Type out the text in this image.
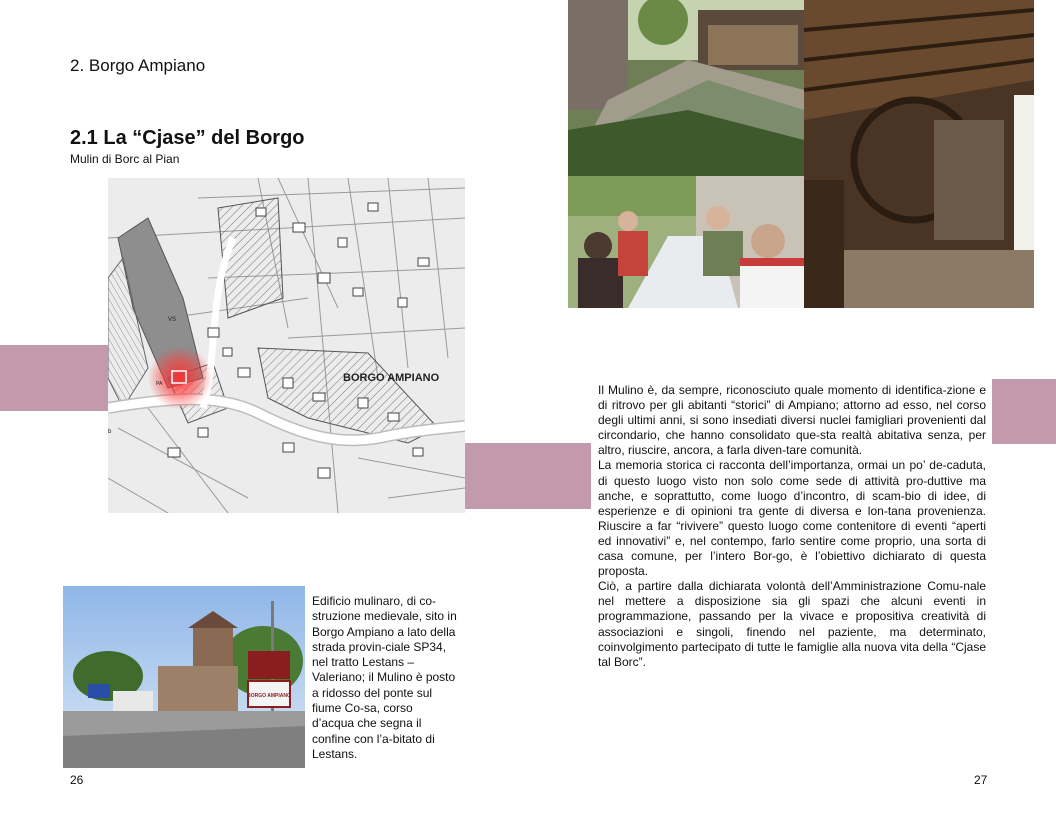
2. Borgo Ampiano
2.1 La “Cjase” del Borgo
Mulin di Borc al Pian
BORGO AMPIANO
VS
PA
b
BORGO AMPIANO
Edificio mulinaro, di co-struzione medievale, sito in Borgo Ampiano a lato della strada provin-ciale SP34, nel tratto Lestans – Valeriano; il Mulino è posto a ridosso del ponte sul fiume Co-sa, corso d’acqua che segna il confine con l’a-bitato di Lestans.

Il Mulino è, da sempre, riconosciuto quale momento di identifica-zione e di ritrovo per gli abitanti “storici” di Ampiano; attorno ad esso, nel corso degli ultimi anni, si sono insediati diversi nuclei famigliari provenienti dal circondario, che hanno consolidato que-sta realtà abitativa senza, per altro, riuscire, ancora, a farla diven-tare comunità.

La memoria storica ci racconta dell’importanza, ormai un po’ de-caduta, di questo luogo visto non solo come sede di attività pro-duttive ma anche, e soprattutto, come luogo d’incontro, di scam-bio di idee, di esperienze e di opinioni tra gente di diversa e lon-tana provenienza. Riuscire a far “rivivere” questo luogo come contenitore di eventi “aperti ed innovativi” e, nel contempo, farlo sentire come proprio, una sorta di casa comune, per l’intero Bor-go, è l’obiettivo dichiarato di questa proposta.

Ciò, a partire dalla dichiarata volontà dell’Amministrazione Comu-nale nel mettere a disposizione sia gli spazi che alcuni eventi in programmazione, passando per la vivace e propositiva creatività di associazioni e singoli, finendo nel paziente, ma determinato, coinvolgimento partecipato di tutte le famiglie alla nuova vita della “Cjase tal Borc”.

26	27
